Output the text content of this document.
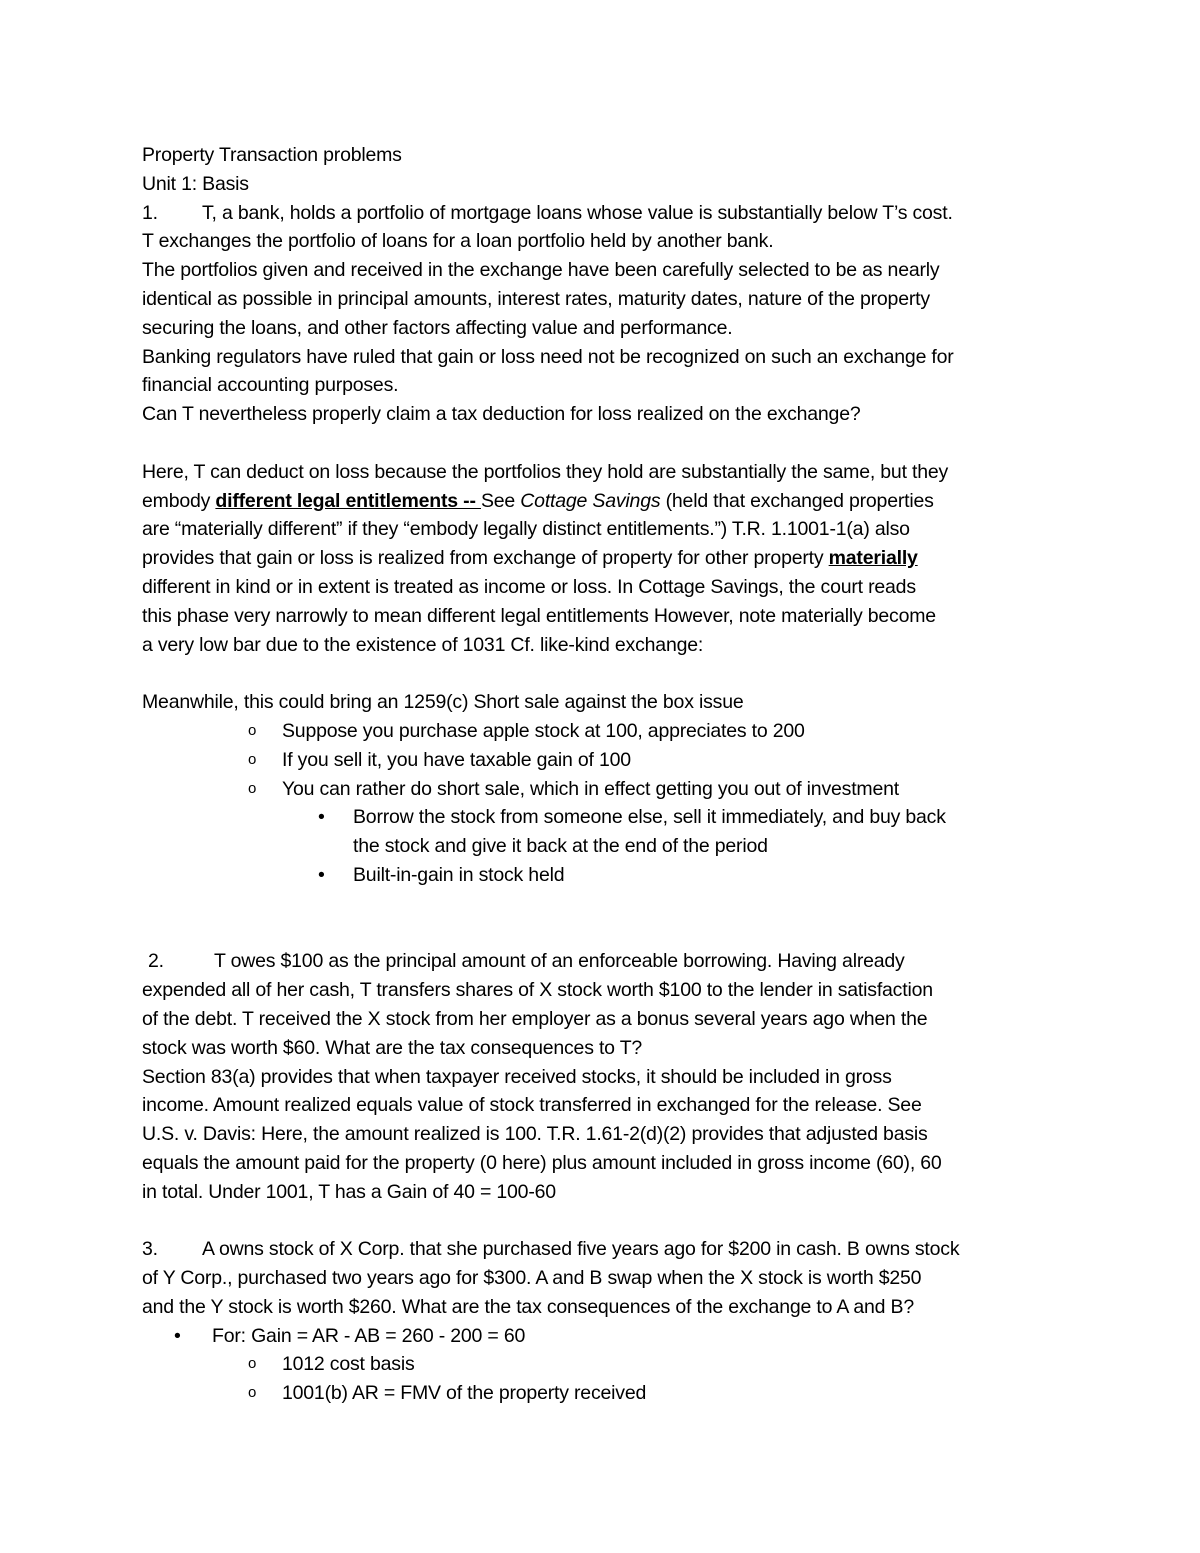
Property Transaction problems
Unit 1: Basis
1. T, a bank, holds a portfolio of mortgage loans whose value is substantially below T’s cost.
T exchanges the portfolio of loans for a loan portfolio held by another bank.
The portfolios given and received in the exchange have been carefully selected to be as nearly
identical as possible in principal amounts, interest rates, maturity dates, nature of the property
securing the loans, and other factors affecting value and performance.
Banking regulators have ruled that gain or loss need not be recognized on such an exchange for
financial accounting purposes.
Can T nevertheless properly claim a tax deduction for loss realized on the exchange?
Here, T can deduct on loss because the portfolios they hold are substantially the same, but they
embody different legal entitlements -- See Cottage Savings (held that exchanged properties
are “materially different” if they “embody legally distinct entitlements.”) T.R. 1.1001-1(a) also
provides that gain or loss is realized from exchange of property for other property materially
different in kind or in extent is treated as income or loss. In Cottage Savings, the court reads
this phase very narrowly to mean different legal entitlements However, note materially become
a very low bar due to the existence of 1031 Cf. like-kind exchange:
Meanwhile, this could bring an 1259(c) Short sale against the box issue
o Suppose you purchase apple stock at 100, appreciates to 200
o If you sell it, you have taxable gain of 100
o You can rather do short sale, which in effect getting you out of investment
• Borrow the stock from someone else, sell it immediately, and buy back
the stock and give it back at the end of the period
• Built-in-gain in stock held
2.	T owes $100 as the principal amount of an enforceable borrowing. Having already
expended all of her cash, T transfers shares of X stock worth $100 to the lender in satisfaction
of the debt. T received the X stock from her employer as a bonus several years ago when the
stock was worth $60. What are the tax consequences to T?
Section 83(a) provides that when taxpayer received stocks, it should be included in gross
income. Amount realized equals value of stock transferred in exchanged for the release. See
U.S. v. Davis: Here, the amount realized is 100. T.R. 1.61-2(d)(2) provides that adjusted basis
equals the amount paid for the property (0 here) plus amount included in gross income (60), 60
in total. Under 1001, T has a Gain of 40 = 100-60
3. A owns stock of X Corp. that she purchased five years ago for $200 in cash. B owns stock
of Y Corp., purchased two years ago for $300. A and B swap when the X stock is worth $250
and the Y stock is worth $260. What are the tax consequences of the exchange to A and B?
• For: Gain = AR - AB = 260 - 200 = 60
o 1012 cost basis
o 1001(b) AR = FMV of the property received
